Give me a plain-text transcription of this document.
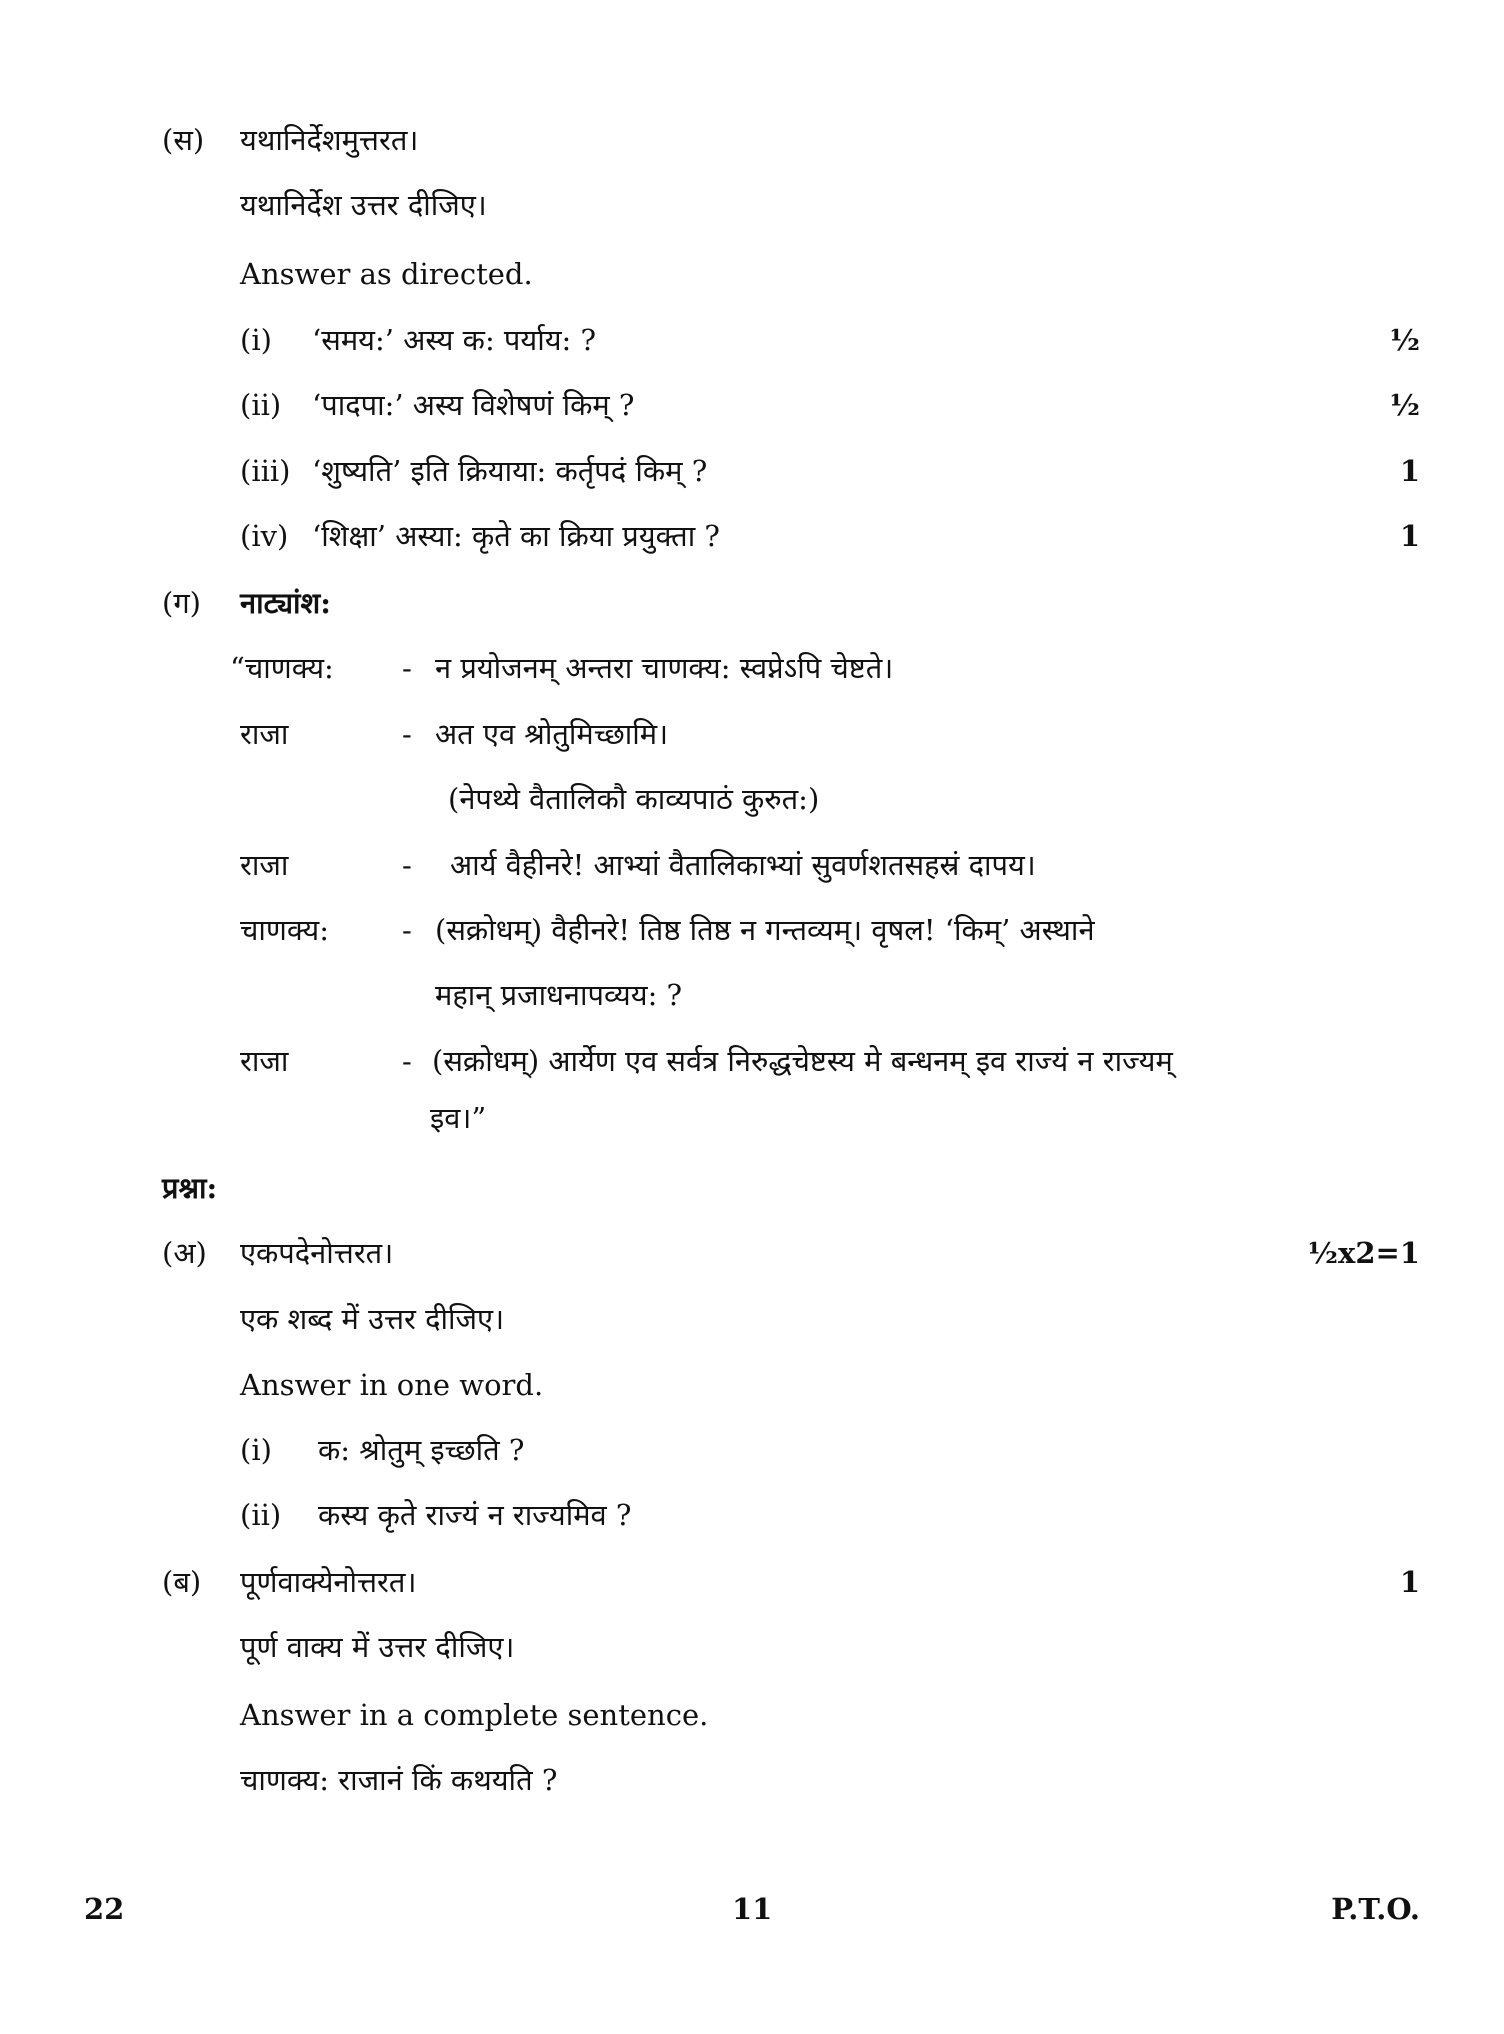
(स) यथानिर्देशमुत्तरत।
यथानिर्देश उत्तर दीजिए।
Answer as directed.
(i) ‘समय:’ अस्य क: पर्याय: ?	½
(ii) ‘पादपा:’ अस्य विशेषणं किम् ?	½
(iii) ‘शुष्यति’ इति क्रियाया: कर्तृपदं किम् ?	1
(iv) ‘शिक्षा’ अस्या: कृते का क्रिया प्रयुक्ता ?	1
(ग) नाट्यांश:
“चाणक्य: - न प्रयोजनम् अन्तरा चाणक्य: स्वप्नेऽपि चेष्टते।
राजा	- अत एव श्रोतुमिच्छामि।
(नेपथ्ये वैतालिकौ काव्यपाठं कुरुत:)
राजा	- आर्य वैहीनरे! आभ्यां वैतालिकाभ्यां सुवर्णशतसहस्रं दापय।
चाणक्य:	- (सक्रोधम्) वैहीनरे! तिष्ठ तिष्ठ न गन्तव्यम्। वृषल! ‘किम्’ अस्थाने
महान् प्रजाधनापव्यय: ?
राजा	- (सक्रोधम्) आर्येण एव सर्वत्र निरुद्धचेष्टस्य मे बन्धनम् इव राज्यं न राज्यम्
इव।”
प्रश्ना:
(अ) एकपदेनोत्तरत।	½x2=1
एक शब्द में उत्तर दीजिए।
Answer in one word.
(i) क: श्रोतुम् इच्छति ?
(ii) कस्य कृते राज्यं न राज्यमिव ?
(ब) पूर्णवाक्येनोत्तरत।	1
पूर्ण वाक्य में उत्तर दीजिए।
Answer in a complete sentence.
चाणक्य: राजानं किं कथयति ?
22	11	P.T.O.
